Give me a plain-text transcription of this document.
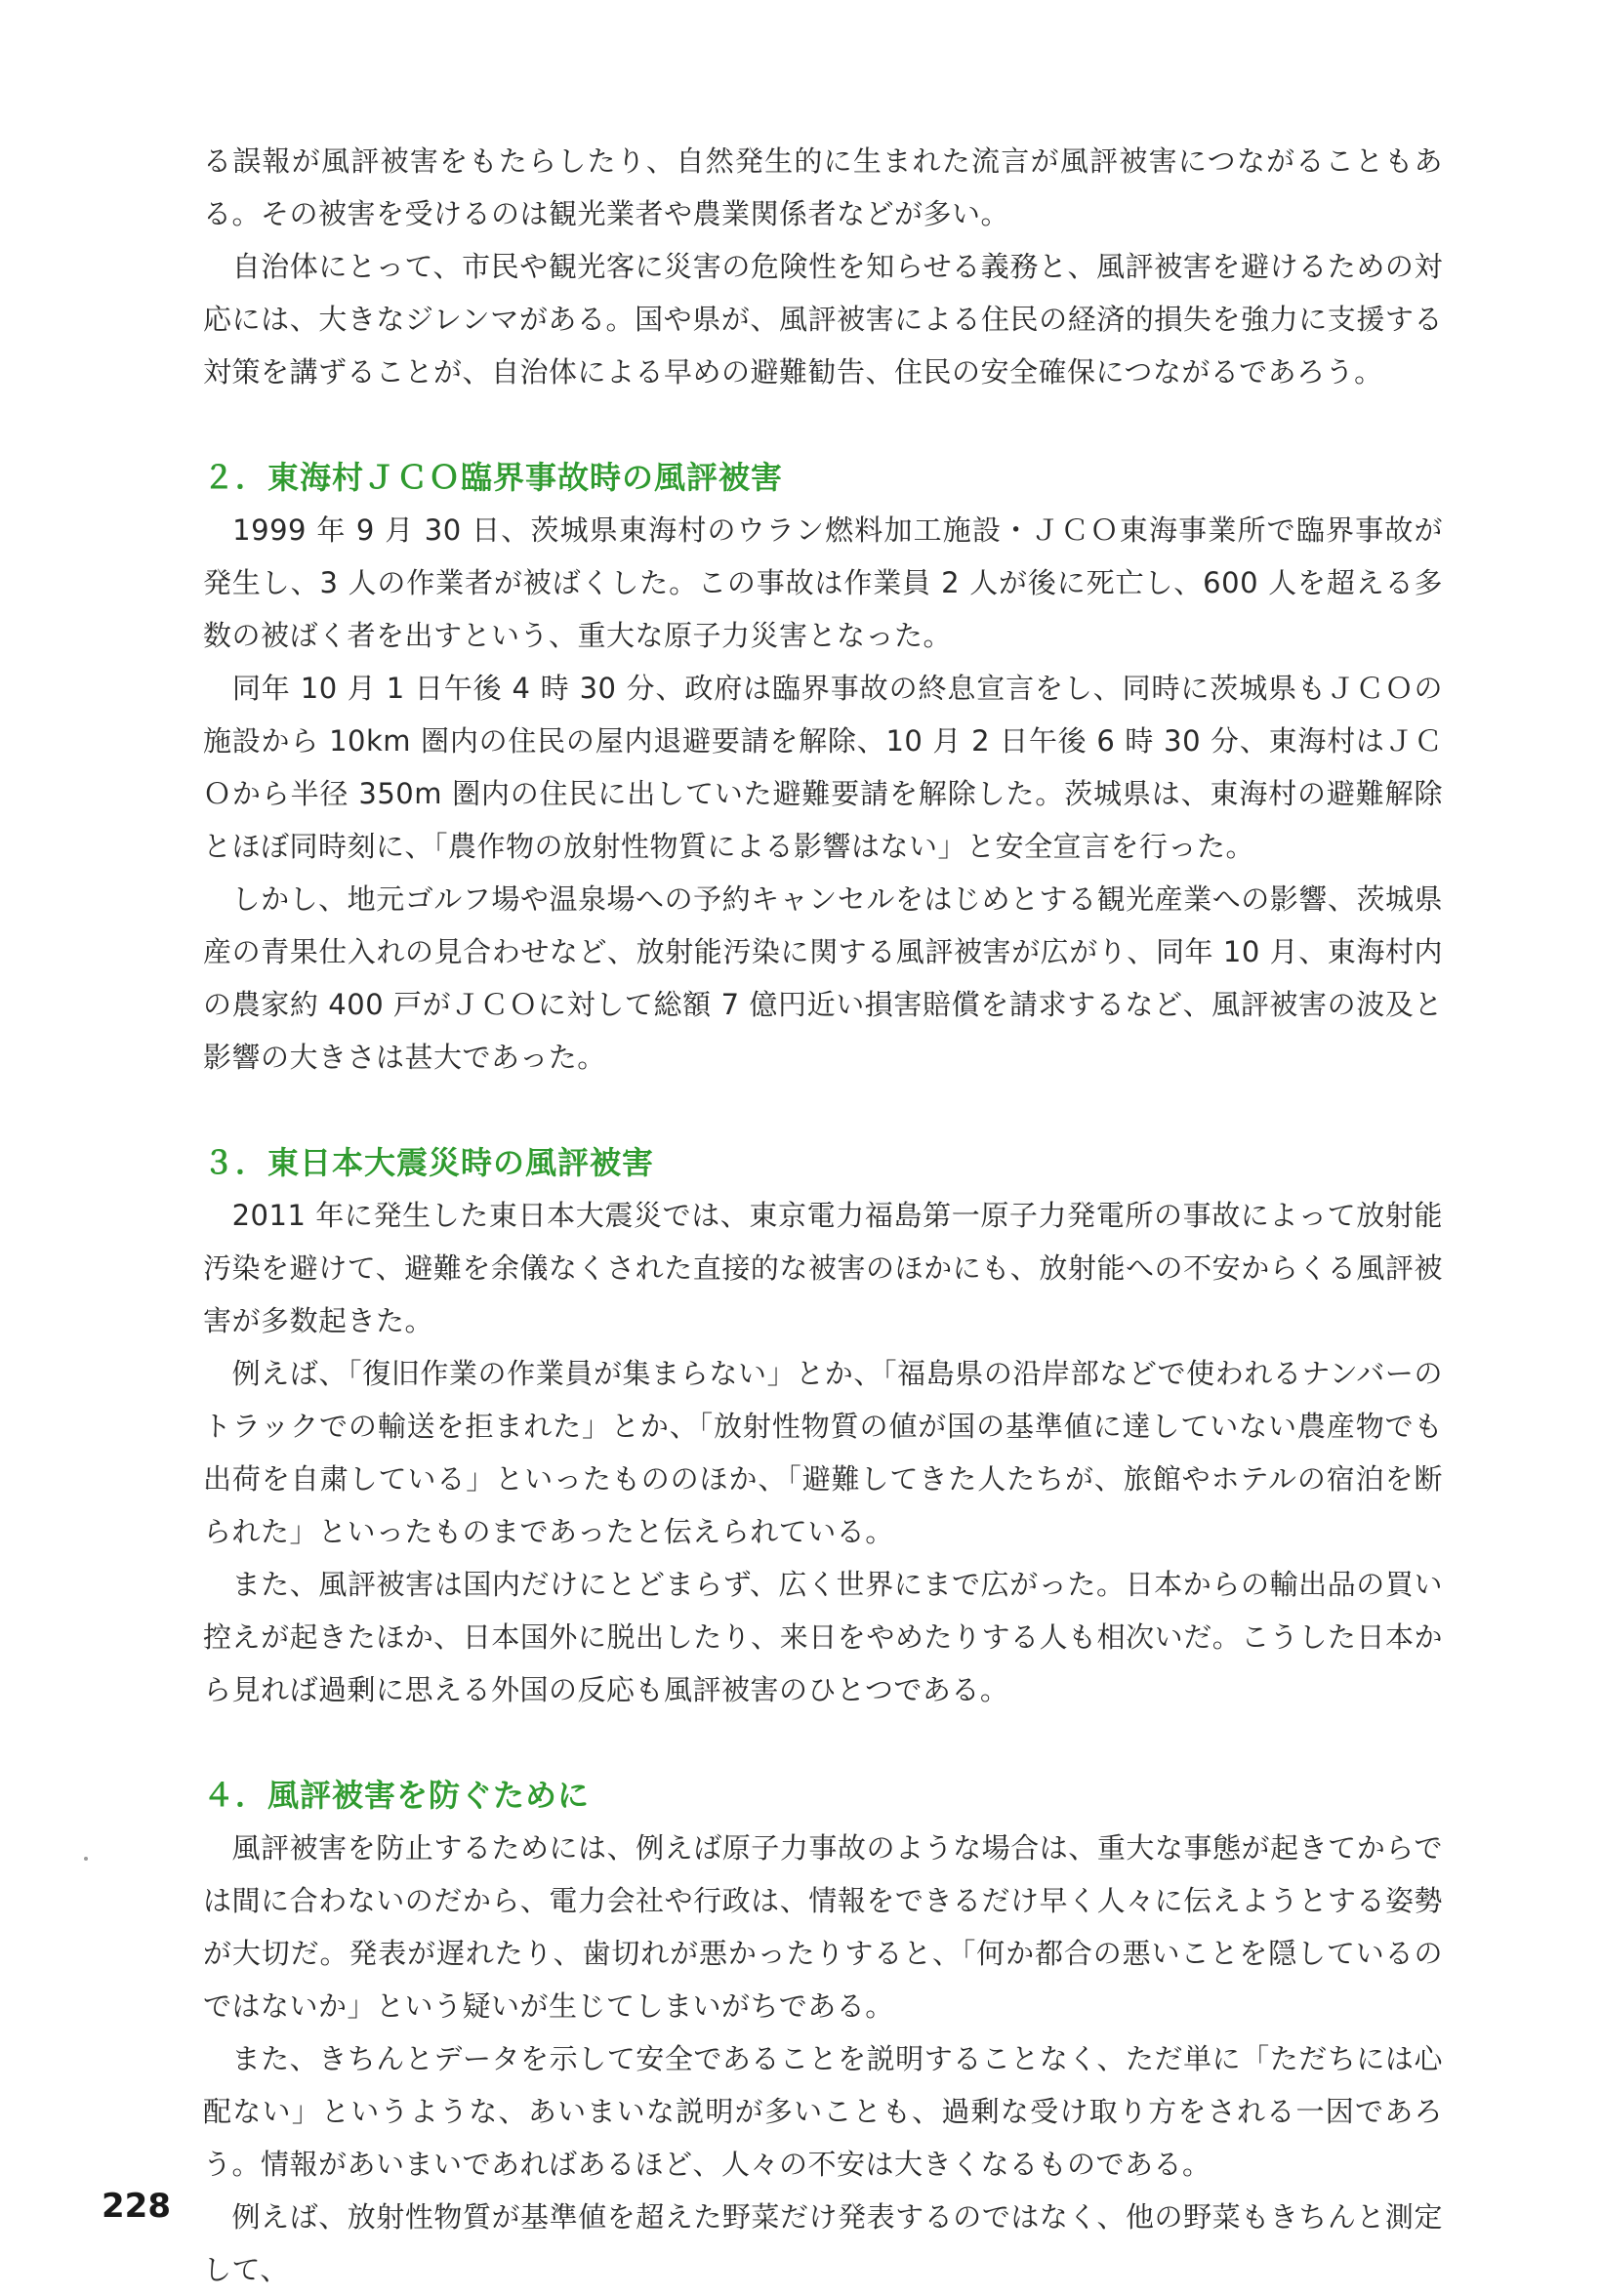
る誤報が風評被害をもたらしたり、自然発生的に生まれた流言が風評被害につながることもある。その被害を受けるのは観光業者や農業関係者などが多い。

　自治体にとって、市民や観光客に災害の危険性を知らせる義務と、風評被害を避けるための対応には、大きなジレンマがある。国や県が、風評被害による住民の経済的損失を強力に支援する対策を講ずることが、自治体による早めの避難勧告、住民の安全確保につながるであろう。

２．東海村ＪＣＯ臨界事故時の風評被害

　1999 年 9 月 30 日、茨城県東海村のウラン燃料加工施設・ＪＣＯ東海事業所で臨界事故が発生し、3 人の作業者が被ばくした。この事故は作業員 2 人が後に死亡し、600 人を超える多数の被ばく者を出すという、重大な原子力災害となった。

　同年 10 月 1 日午後 4 時 30 分、政府は臨界事故の終息宣言をし、同時に茨城県もＪＣＯの施設から 10km 圏内の住民の屋内退避要請を解除、10 月 2 日午後 6 時 30 分、東海村はＪＣＯから半径 350m 圏内の住民に出していた避難要請を解除した。茨城県は、東海村の避難解除とほぼ同時刻に、「農作物の放射性物質による影響はない」と安全宣言を行った。

　しかし、地元ゴルフ場や温泉場への予約キャンセルをはじめとする観光産業への影響、茨城県産の青果仕入れの見合わせなど、放射能汚染に関する風評被害が広がり、同年 10 月、東海村内の農家約 400 戸がＪＣＯに対して総額 7 億円近い損害賠償を請求するなど、風評被害の波及と影響の大きさは甚大であった。

３．東日本大震災時の風評被害

　2011 年に発生した東日本大震災では、東京電力福島第一原子力発電所の事故によって放射能汚染を避けて、避難を余儀なくされた直接的な被害のほかにも、放射能への不安からくる風評被害が多数起きた。

　例えば、「復旧作業の作業員が集まらない」とか、「福島県の沿岸部などで使われるナンバーのトラックでの輸送を拒まれた」とか、「放射性物質の値が国の基準値に達していない農産物でも出荷を自粛している」といったもののほか、「避難してきた人たちが、旅館やホテルの宿泊を断られた」といったものまであったと伝えられている。

　また、風評被害は国内だけにとどまらず、広く世界にまで広がった。日本からの輸出品の買い控えが起きたほか、日本国外に脱出したり、来日をやめたりする人も相次いだ。こうした日本から見れば過剰に思える外国の反応も風評被害のひとつである。

４．風評被害を防ぐために

　風評被害を防止するためには、例えば原子力事故のような場合は、重大な事態が起きてからでは間に合わないのだから、電力会社や行政は、情報をできるだけ早く人々に伝えようとする姿勢が大切だ。発表が遅れたり、歯切れが悪かったりすると、「何か都合の悪いことを隠しているのではないか」という疑いが生じてしまいがちである。

　また、きちんとデータを示して安全であることを説明することなく、ただ単に「ただちには心配ない」というような、あいまいな説明が多いことも、過剰な受け取り方をされる一因であろう。情報があいまいであればあるほど、人々の不安は大きくなるものである。

　例えば、放射性物質が基準値を超えた野菜だけ発表するのではなく、他の野菜もきちんと測定して、

228
